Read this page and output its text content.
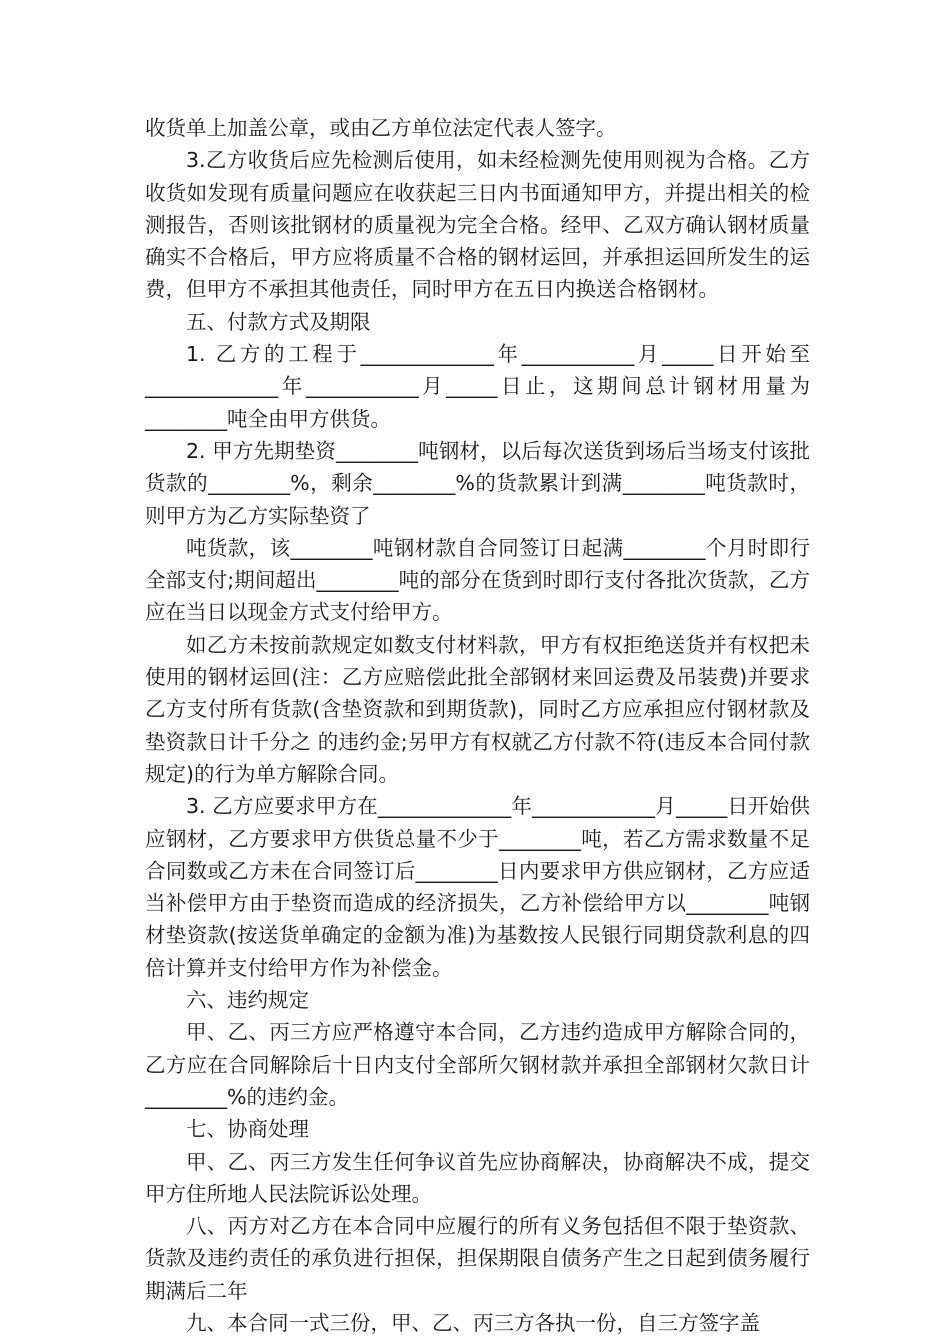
收货单上加盖公章，或由乙方单位法定代表人签字。

3.乙方收货后应先检测后使用，如未经检测先使用则视为合格。乙方收货如发现有质量问题应在收获起三日内书面通知甲方，并提出相关的检测报告，否则该批钢材的质量视为完全合格。经甲、乙双方确认钢材质量确实不合格后，甲方应将质量不合格的钢材运回，并承担运回所发生的运费，但甲方不承担其他责任，同时甲方在五日内换送合格钢材。

五、付款方式及期限

1. 乙方的工程于_____________年___________月_____日开始至_____________年___________月_____日止，这期间总计钢材用量为________吨全由甲方供货。

2. 甲方先期垫资________吨钢材，以后每次送货到场后当场支付该批货款的________%，剩余________%的货款累计到满________吨货款时，则甲方为乙方实际垫资了

吨货款，该________吨钢材款自合同签订日起满________个月时即行全部支付;期间超出________吨的部分在货到时即行支付各批次货款，乙方应在当日以现金方式支付给甲方。

如乙方未按前款规定如数支付材料款，甲方有权拒绝送货并有权把未使用的钢材运回(注：乙方应赔偿此批全部钢材来回运费及吊装费)并要求乙方支付所有货款(含垫资款和到期货款)，同时乙方应承担应付钢材款及垫资款日计千分之 的违约金;另甲方有权就乙方付款不符(违反本合同付款规定)的行为单方解除合同。

3. 乙方应要求甲方在_____________年____________月_____日开始供应钢材，乙方要求甲方供货总量不少于________吨，若乙方需求数量不足合同数或乙方未在合同签订后________日内要求甲方供应钢材，乙方应适当补偿甲方由于垫资而造成的经济损失，乙方补偿给甲方以________吨钢材垫资款(按送货单确定的金额为准)为基数按人民银行同期贷款利息的四倍计算并支付给甲方作为补偿金。

六、违约规定

甲、乙、丙三方应严格遵守本合同，乙方违约造成甲方解除合同的，乙方应在合同解除后十日内支付全部所欠钢材款并承担全部钢材欠款日计________%的违约金。

七、协商处理

甲、乙、丙三方发生任何争议首先应协商解决，协商解决不成，提交甲方住所地人民法院诉讼处理。

八、丙方对乙方在本合同中应履行的所有义务包括但不限于垫资款、货款及违约责任的承负进行担保，担保期限自债务产生之日起到债务履行期满后二年

九、本合同一式三份，甲、乙、丙三方各执一份，自三方签字盖
